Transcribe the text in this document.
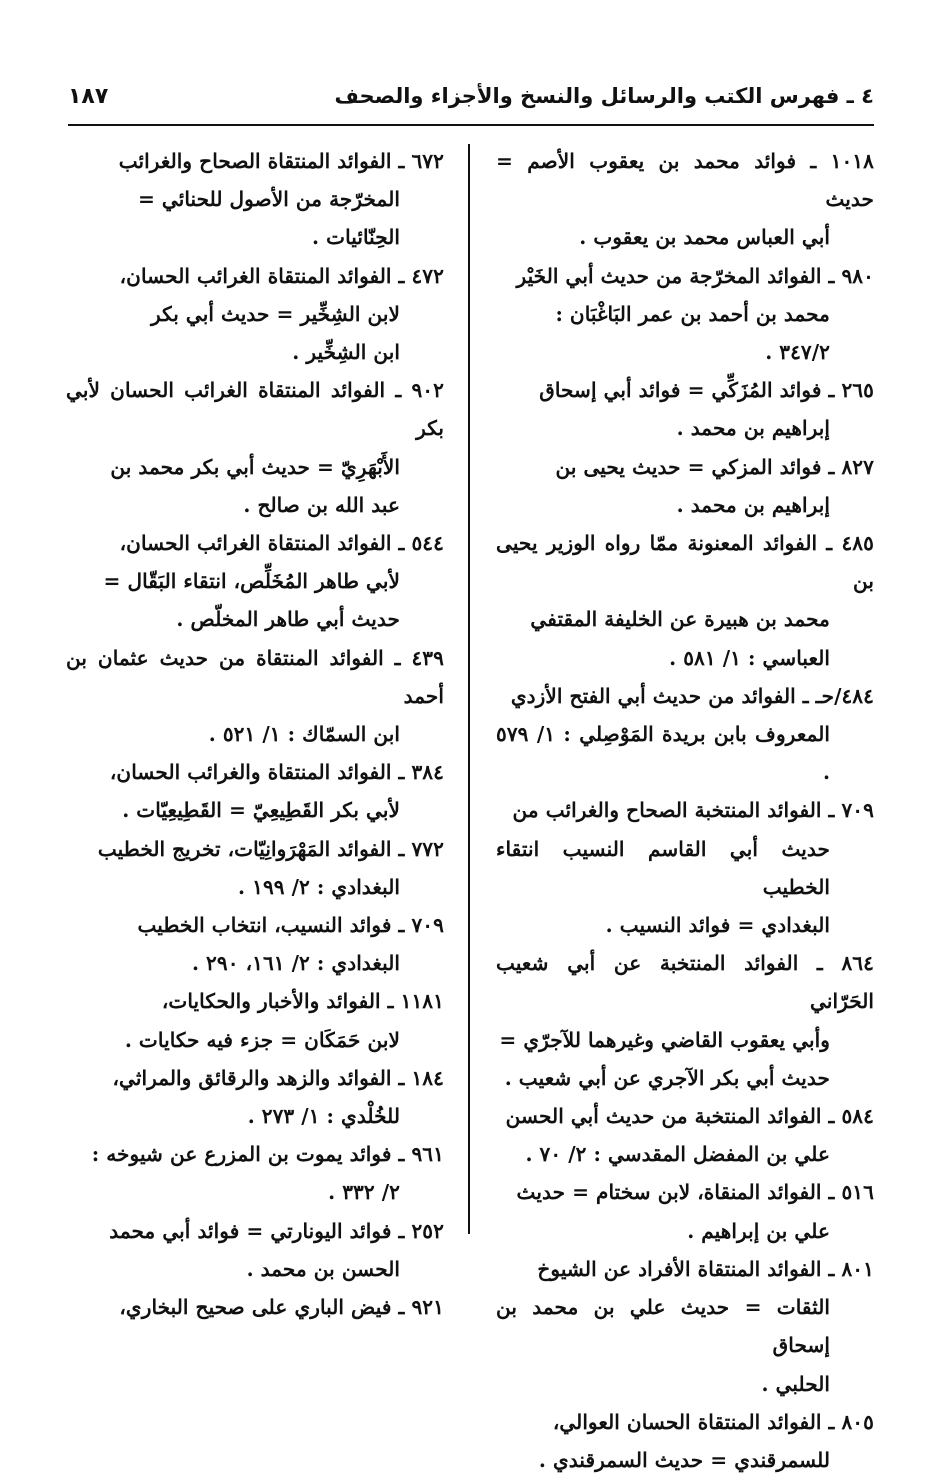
١٨٧	٤ ـ فهرس الكتب والرسائل والنسخ والأجزاء والصحف
١٠١٨ ـ فوائد محمد بن يعقوب الأصم = حديث
أبي العباس محمد بن يعقوب .
٩٨٠ ـ الفوائد المخرّجة من حديث أبي الخَيْر
محمد بن أحمد بن عمر البَاغْبَان :
٣٤٧/٢ .
٢٦٥ ـ فوائد المُزَكِّي = فوائد أبي إسحاق
إبراهيم بن محمد .
٨٢٧ ـ فوائد المزكي = حديث يحيى بن
إبراهيم بن محمد .
٤٨٥ ـ الفوائد المعنونة ممّا رواه الوزير يحيى بن
محمد بن هبيرة عن الخليفة المقتفي
العباسي : ١/ ٥٨١ .
٤٨٤/حـ ـ الفوائد من حديث أبي الفتح الأزدي
المعروف بابن بريدة المَوْصِلي : ١/ ٥٧٩ .
٧٠٩ ـ الفوائد المنتخبة الصحاح والغرائب من
حديث أبي القاسم النسيب انتقاء الخطيب
البغدادي = فوائد النسيب .
٨٦٤ ـ الفوائد المنتخبة عن أبي شعيب الحَرّاني
وأبي يعقوب القاضي وغيرهما للآجرّي =
حديث أبي بكر الآجري عن أبي شعيب .
٥٨٤ ـ الفوائد المنتخبة من حديث أبي الحسن
علي بن المفضل المقدسي : ٢/ ٧٠ .
٥١٦ ـ الفوائد المنقاة، لابن سختام = حديث
علي بن إبراهيم .
٨٠١ ـ الفوائد المنتقاة الأفراد عن الشيوخ
الثقات = حديث علي بن محمد بن إسحاق
الحلبي .
٨٠٥ ـ الفوائد المنتقاة الحسان العوالي،
للسمرقندي = حديث السمرقندي .
٦٧٢ ـ الفوائد المنتقاة الصحاح والغرائب
المخرّجة من الأصول للحنائي =
الحِنّائيات .
٤٧٢ ـ الفوائد المنتقاة الغرائب الحسان،
لابن الشِخِّير = حديث أبي بكر
ابن الشِخِّير .
٩٠٢ ـ الفوائد المنتقاة الغرائب الحسان لأبي بكر
الأَبْهَرِيّ = حديث أبي بكر محمد بن
عبد الله بن صالح .
٥٤٤ ـ الفوائد المنتقاة الغرائب الحسان،
لأبي طاهر المُخَلِّص، انتقاء البَقّال =
حديث أبي طاهر المخلّص .
٤٣٩ ـ الفوائد المنتقاة من حديث عثمان بن أحمد
ابن السمّاك : ١/ ٥٢١ .
٣٨٤ ـ الفوائد المنتقاة والغرائب الحسان،
لأبي بكر القَطِيعِيّ = القَطِيعِيّات .
٧٧٢ ـ الفوائد المَهْرَوانِيّات، تخريج الخطيب
البغدادي : ٢/ ١٩٩ .
٧٠٩ ـ فوائد النسيب، انتخاب الخطيب
البغدادي : ٢/ ١٦١، ٢٩٠ .
١١٨١ ـ الفوائد والأخبار والحكايات،
لابن حَمَكَان = جزء فيه حكايات .
١٨٤ ـ الفوائد والزهد والرقائق والمراثي،
للخُلْدي : ١/ ٢٧٣ .
٩٦١ ـ فوائد يموت بن المزرع عن شيوخه :
٢/ ٣٣٢ .
٢٥٢ ـ فوائد اليونارتي = فوائد أبي محمد
الحسن بن محمد .
٩٢١ ـ فيض الباري على صحيح البخاري،
